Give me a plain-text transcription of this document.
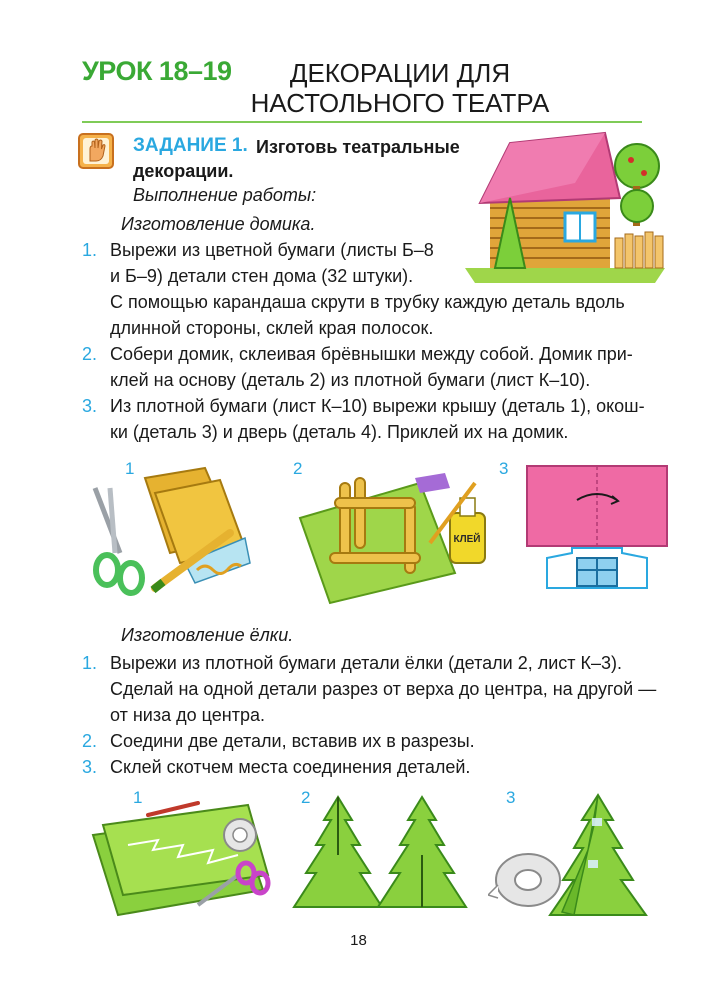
УРОК 18–19	ДЕКОРАЦИИ ДЛЯ
НАСТОЛЬНОГО ТЕАТРА
ЗАДАНИЕ 1. Изготовь театральные
декорации.
Выполнение работы:
Изготовление домика.
1. Вырежи из цветной бумаги (листы Б–8
и Б–9) детали стен дома (32 штуки).
С помощью карандаша скрути в трубку каждую деталь вдоль
длинной стороны, склей края полосок.
2. Собери домик, склеивая брёвнышки между собой. Домик при-
клей на основу (деталь 2) из плотной бумаги (лист К–10).
3. Из плотной бумаги (лист К–10) вырежи крышу (деталь 1), окош-
ки (деталь 3) и дверь (деталь 4). Приклей их на домик.
1	2	3
КЛЕЙ
Изготовление ёлки.
1. Вырежи из плотной бумаги детали ёлки (детали 2, лист К–3).
Сделай на одной детали разрез от верха до центра, на другой —
от низа до центра.
2. Соедини две детали, вставив их в разрезы.
3. Склей скотчем места соединения деталей.
1	2	3
18
